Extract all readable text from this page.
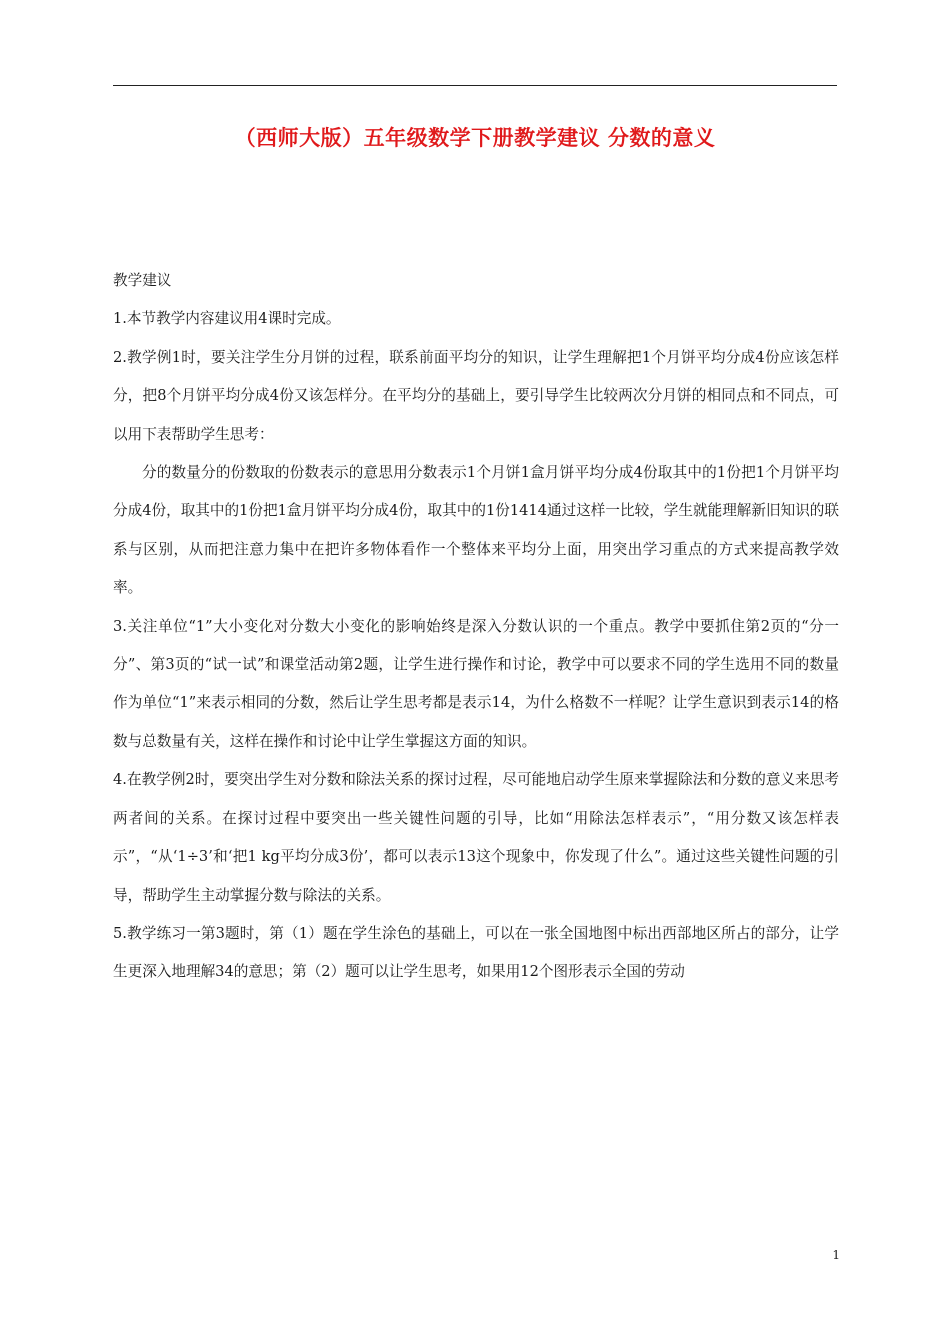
（西师大版）五年级数学下册教学建议 分数的意义

教学建议

1.本节教学内容建议用4课时完成。

2.教学例1时，要关注学生分月饼的过程，联系前面平均分的知识，让学生理解把1个月饼平均分成4份应该怎样分，把8个月饼平均分成4份又该怎样分。在平均分的基础上，要引导学生比较两次分月饼的相同点和不同点，可以用下表帮助学生思考：

分的数量分的份数取的份数表示的意思用分数表示1个月饼1盒月饼平均分成4份取其中的1份把1个月饼平均分成4份，取其中的1份把1盒月饼平均分成4份，取其中的1份1414通过这样一比较，学生就能理解新旧知识的联系与区别，从而把注意力集中在把许多物体看作一个整体来平均分上面，用突出学习重点的方式来提高教学效率。

3.关注单位“1”大小变化对分数大小变化的影响始终是深入分数认识的一个重点。教学中要抓住第2页的“分一分”、第3页的“试一试”和课堂活动第2题，让学生进行操作和讨论，教学中可以要求不同的学生选用不同的数量作为单位“1”来表示相同的分数，然后让学生思考都是表示14，为什么格数不一样呢？让学生意识到表示14的格数与总数量有关，这样在操作和讨论中让学生掌握这方面的知识。

4.在教学例2时，要突出学生对分数和除法关系的探讨过程，尽可能地启动学生原来掌握除法和分数的意义来思考两者间的关系。在探讨过程中要突出一些关键性问题的引导，比如“用除法怎样表示”，“用分数又该怎样表示”，“从‘1÷3’和‘把1 kg平均分成3份’，都可以表示13这个现象中，你发现了什么”。通过这些关键性问题的引导，帮助学生主动掌握分数与除法的关系。

5.教学练习一第3题时，第（1）题在学生涂色的基础上，可以在一张全国地图中标出西部地区所占的部分，让学生更深入地理解34的意思；第（2）题可以让学生思考，如果用12个图形表示全国的劳动

1
